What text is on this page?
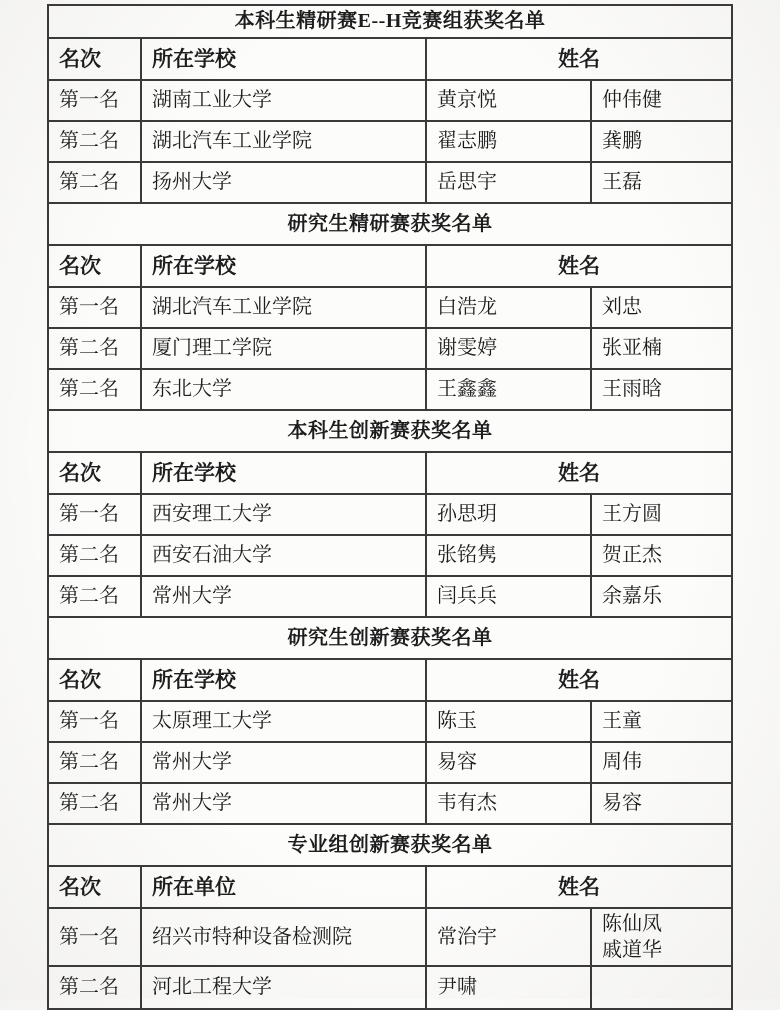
本科生精研赛E--H竞赛组获奖名单			
名次	所在学校	姓名	
第一名	湖南工业大学	黄京悦	仲伟健
第二名	湖北汽车工业学院	翟志鹏	龚鹏
第二名	扬州大学	岳思宇	王磊
研究生精研赛获奖名单			
名次	所在学校	姓名	
第一名	湖北汽车工业学院	白浩龙	刘忠
第二名	厦门理工学院	谢雯婷	张亚楠
第二名	东北大学	王鑫鑫	王雨晗
本科生创新赛获奖名单			
名次	所在学校	姓名	
第一名	西安理工大学	孙思玥	王方圆
第二名	西安石油大学	张铭隽	贺正杰
第二名	常州大学	闫兵兵	余嘉乐
研究生创新赛获奖名单			
名次	所在学校	姓名	
第一名	太原理工大学	陈玉	王童
第二名	常州大学	易容	周伟
第二名	常州大学	韦有杰	易容
专业组创新赛获奖名单			
名次	所在单位	姓名	
第一名	绍兴市特种设备检测院	常治宇	陈仙凤
戚道华

第二名	河北工程大学	尹啸	
